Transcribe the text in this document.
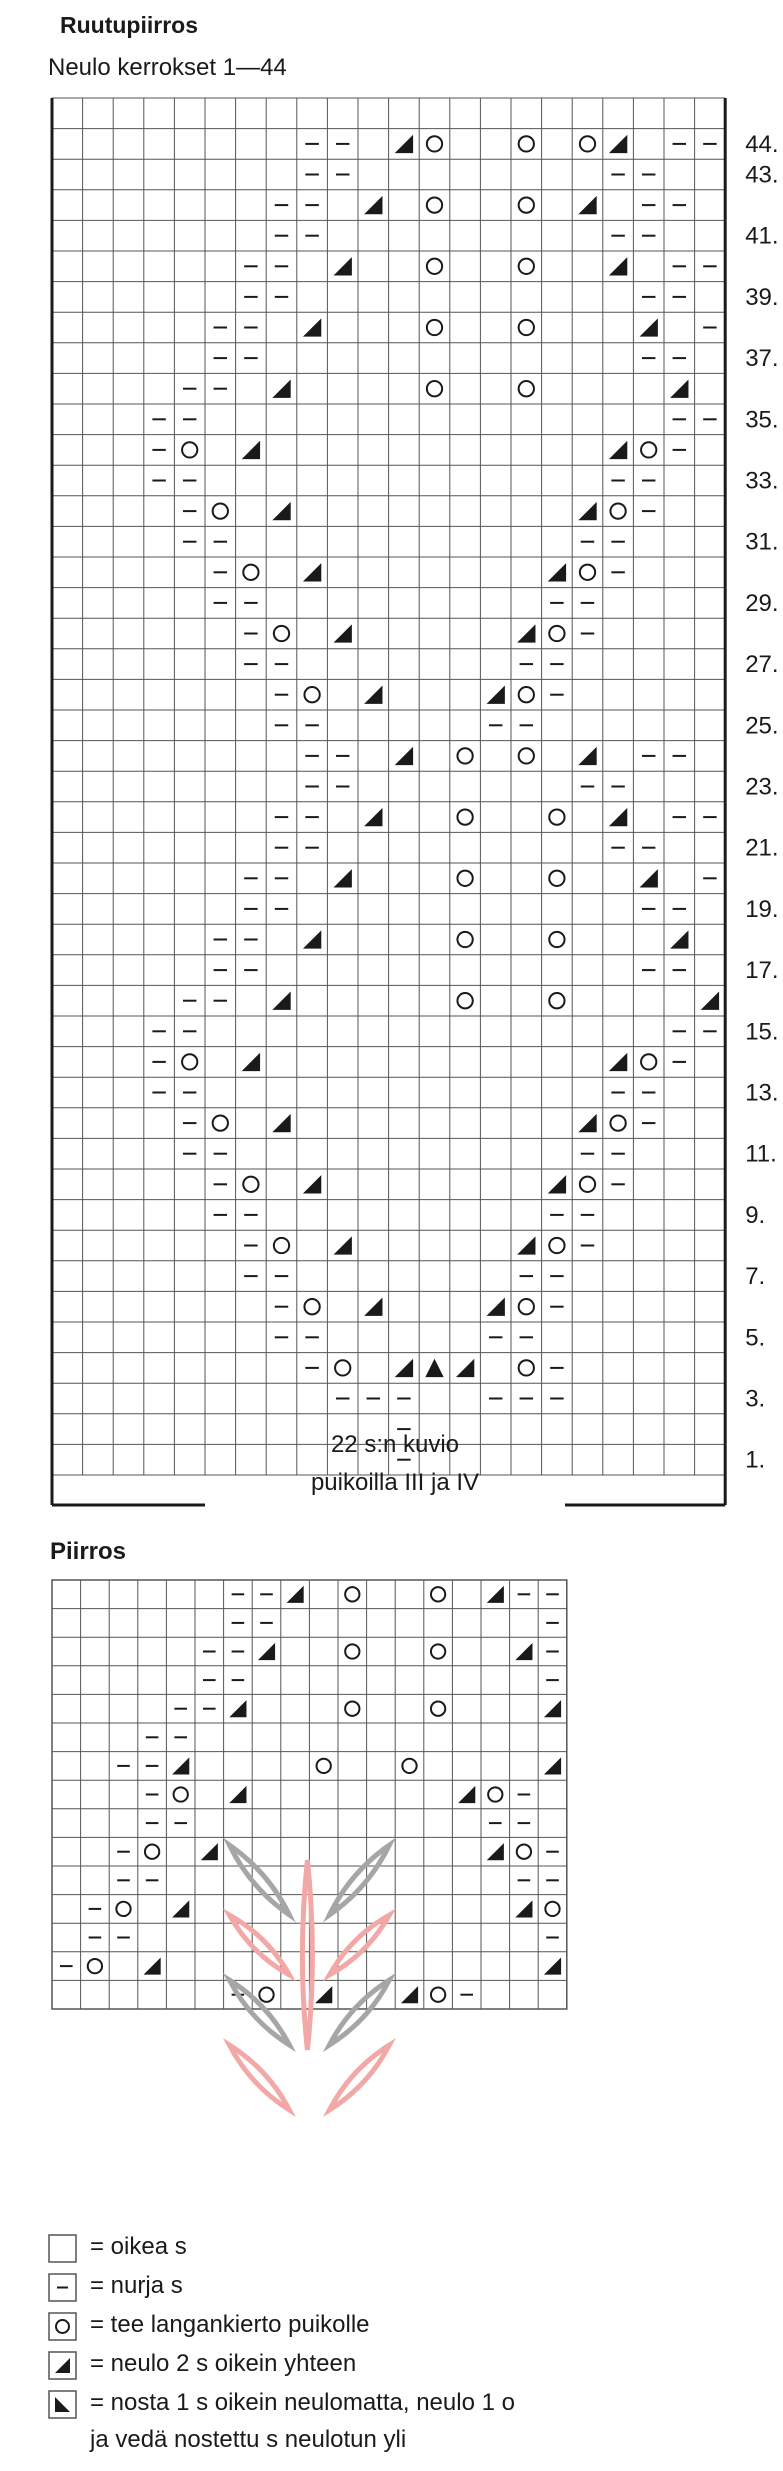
Ruutupiirros
Neulo kerrokset 1—44
1.
3.
5.
7.
9.
11.
13.
15.
17.
19.
21.
23.
25.
27.
29.
31.
33.
35.
37.
39.
41.
43.
44.
22 s:n kuvio
puikoilla III ja IV
Piirros
= oikea s
= nurja s
= tee langankierto puikolle
= neulo 2 s oikein yhteen
= nosta 1 s oikein neulomatta, neulo 1 o
ja vedä nostettu s neulotun yli
